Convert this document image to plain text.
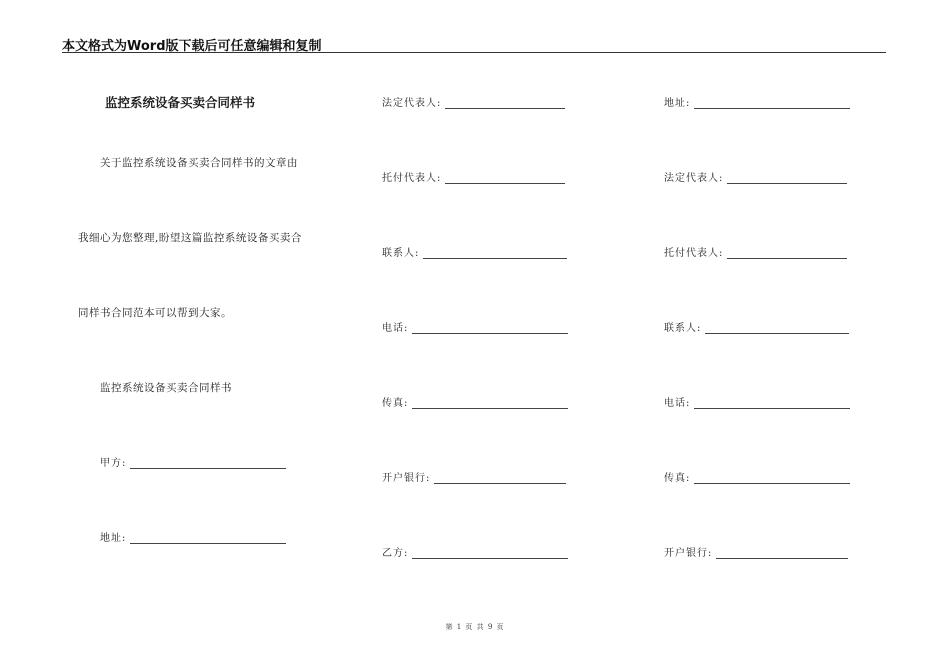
本文格式为Word版下载后可任意编辑和复制
监控系统设备买卖合同样书
关于监控系统设备买卖合同样书的文章由
我细心为您整理,盼望这篇监控系统设备买卖合
同样书合同范本可以帮到大家。
监控系统设备买卖合同样书
甲方:
地址:
法定代表人:
托付代表人:
联系人:
电话:
传真:
开户银行:
乙方:
地址:
法定代表人:
托付代表人:
联系人:
电话:
传真:
开户银行:
第 1 页 共 9 页
